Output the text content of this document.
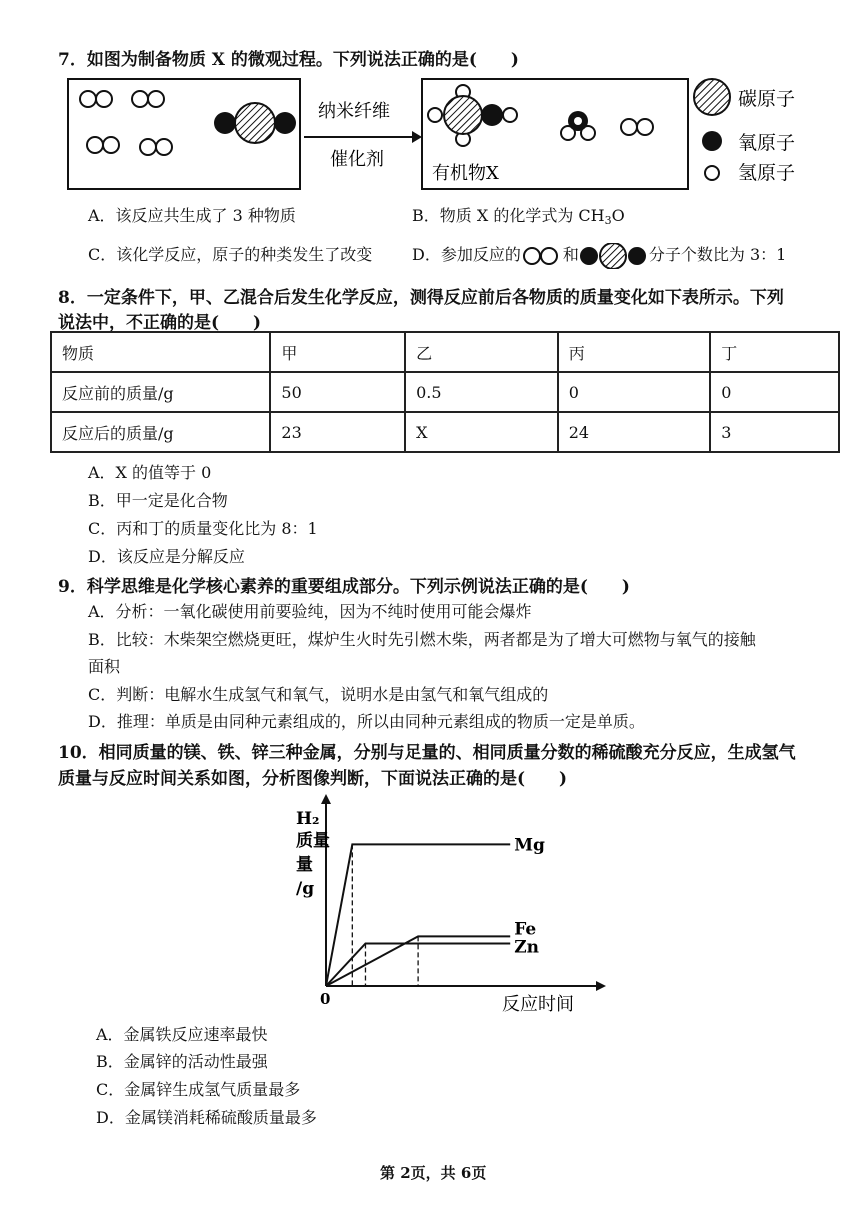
7．如图为制备物质 X 的微观过程。下列说法正确的是(　　)
纳米纤维
催化剂
有机物X
碳原子
氧原子
氢原子
A．该反应共生成了 3 种物质	B．物质 X 的化学式为 $CH_3O$
C．该化学反应，原子的种类发生了改变 D．参加反应的	和	分子个数比为 3：1
8．一定条件下，甲、乙混合后发生化学反应，测得反应前后各物质的质量变化如下表所示。下列
说法中，不正确的是(　　)
物质	甲	乙	丙	丁
反应前的质量/g	50	0.5	0	0
反应后的质量/g	23	X	24	3
A．X 的值等于 0
B．甲一定是化合物
C．丙和丁的质量变化比为 8：1
D．该反应是分解反应
9．科学思维是化学核心素养的重要组成部分。下列示例说法正确的是(　　)
A．分析：一氧化碳使用前要验纯，因为不纯时使用可能会爆炸
B．比较：木柴架空燃烧更旺，煤炉生火时先引燃木柴，两者都是为了增大可燃物与氧气的接触
面积
C．判断：电解水生成氢气和氧气，说明水是由氢气和氧气组成的
D．推理：单质是由同种元素组成的，所以由同种元素组成的物质一定是单质。
10．相同质量的镁、铁、锌三种金属，分别与足量的、相同质量分数的稀硫酸充分反应，生成氢气
质量与反应时间关系如图，分析图像判断，下面说法正确的是(　　)
H₂
质量
量
/g
0	反应时间
Mg
Fe
Zn
A．金属铁反应速率最快
B．金属锌的活动性最强
C．金属锌生成氢气质量最多
D．金属镁消耗稀硫酸质量最多
第 2页，共 6页
